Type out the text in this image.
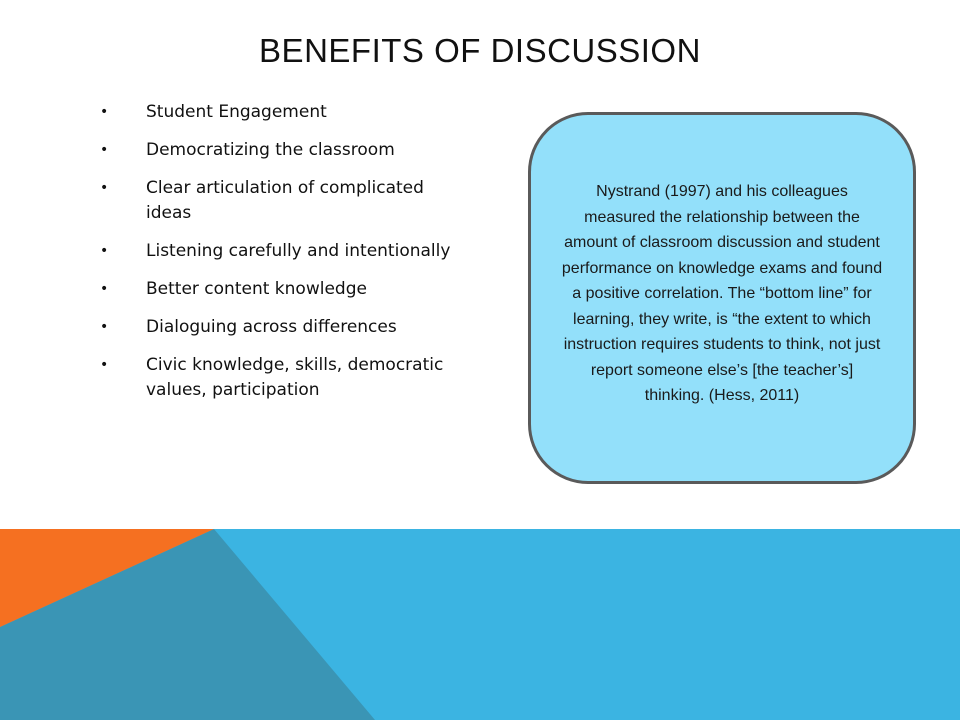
BENEFITS OF DISCUSSION
•	Student Engagement
•	Democratizing the classroom
•	Clear articulation of complicated ideas
•	Listening carefully and intentionally
•	Better content knowledge
•	Dialoguing across differences
•	Civic knowledge, skills, democratic values, participation

Nystrand (1997) and his colleagues measured the relationship between the amount of classroom discussion and student performance on knowledge exams and found a positive correlation. The “bottom line” for learning, they write, is “the extent to which instruction requires students to think, not just report someone else’s [the teacher’s] thinking. (Hess, 2011)
